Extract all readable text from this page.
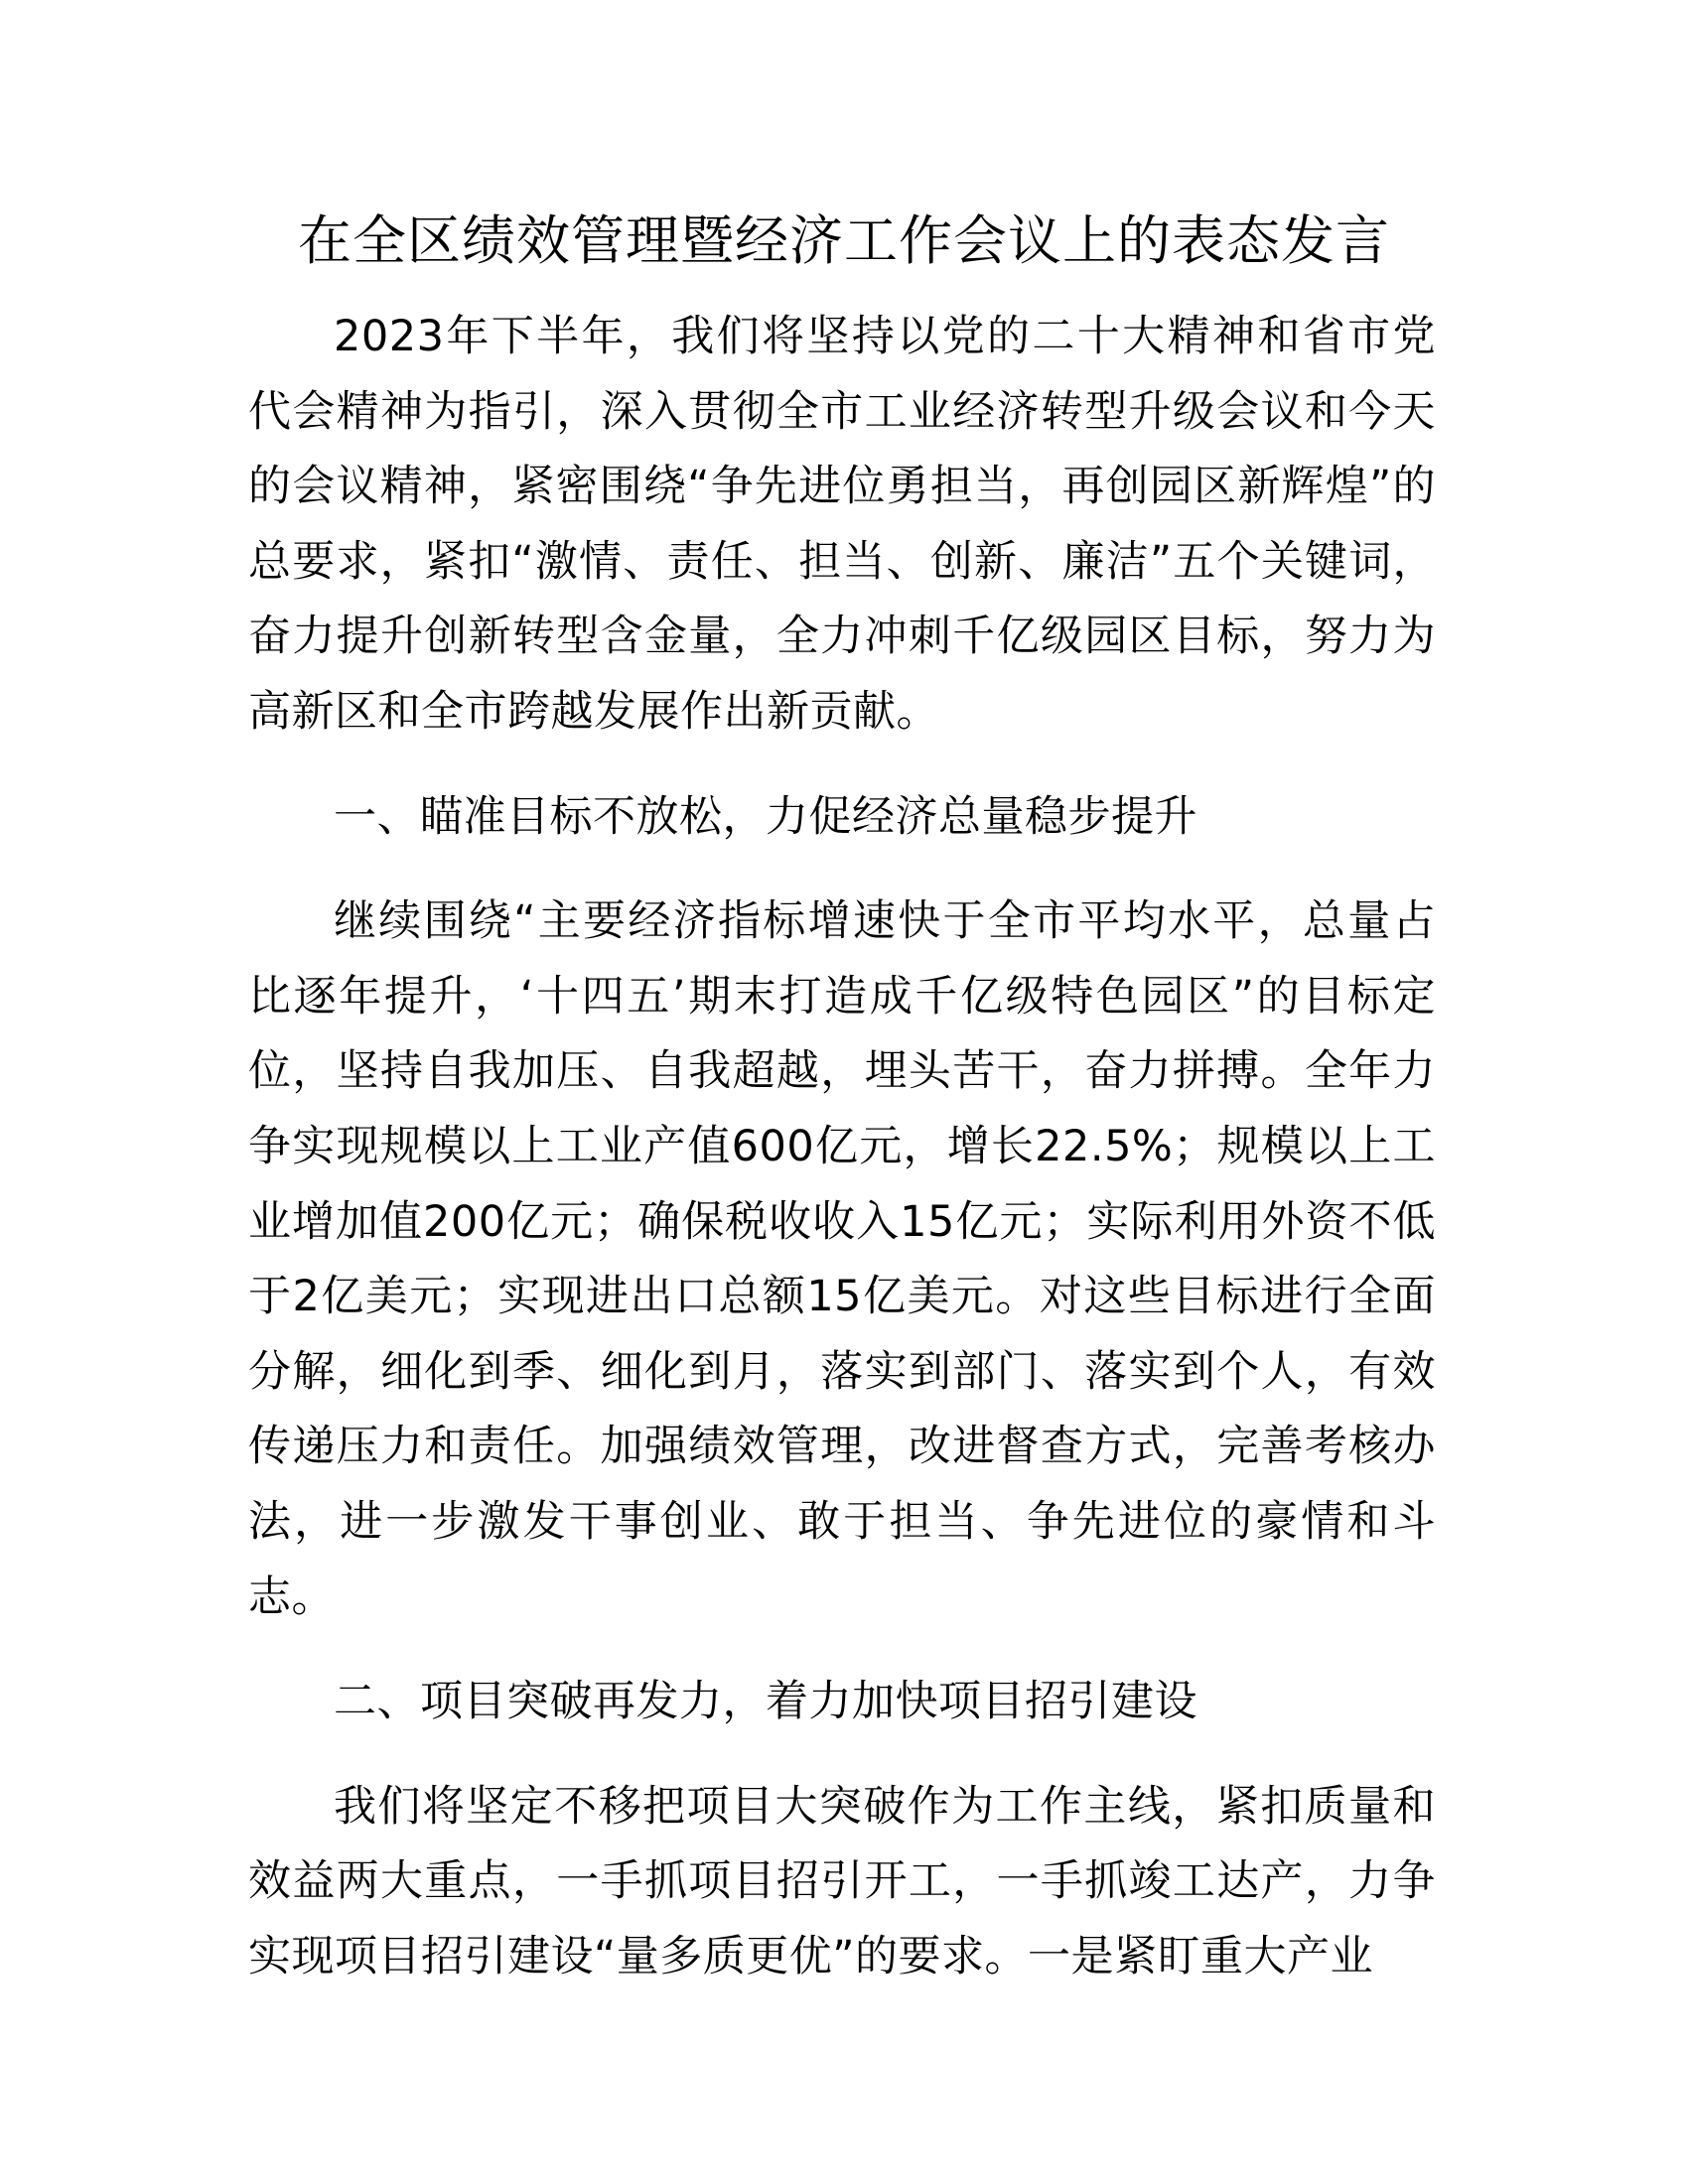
在全区绩效管理暨经济工作会议上的表态发言

2023年下半年，我们将坚持以党的二十大精神和省市党代会精神为指引，深入贯彻全市工业经济转型升级会议和今天的会议精神，紧密围绕“争先进位勇担当，再创园区新辉煌”的总要求，紧扣“激情、责任、担当、创新、廉洁”五个关键词，奋力提升创新转型含金量，全力冲刺千亿级园区目标，努力为高新区和全市跨越发展作出新贡献。

一、瞄准目标不放松，力促经济总量稳步提升

继续围绕“主要经济指标增速快于全市平均水平，总量占比逐年提升，‘十四五’期末打造成千亿级特色园区”的目标定位，坚持自我加压、自我超越，埋头苦干，奋力拼搏。全年力争实现规模以上工业产值600亿元，增长22.5%；规模以上工业增加值200亿元；确保税收收入15亿元；实际利用外资不低于2亿美元；实现进出口总额15亿美元。对这些目标进行全面分解，细化到季、细化到月，落实到部门、落实到个人，有效传递压力和责任。加强绩效管理，改进督查方式，完善考核办法，进一步激发干事创业、敢于担当、争先进位的豪情和斗志。

二、项目突破再发力，着力加快项目招引建设

我们将坚定不移把项目大突破作为工作主线，紧扣质量和效益两大重点，一手抓项目招引开工，一手抓竣工达产，力争实现项目招引建设“量多质更优”的要求。一是紧盯重大产业
